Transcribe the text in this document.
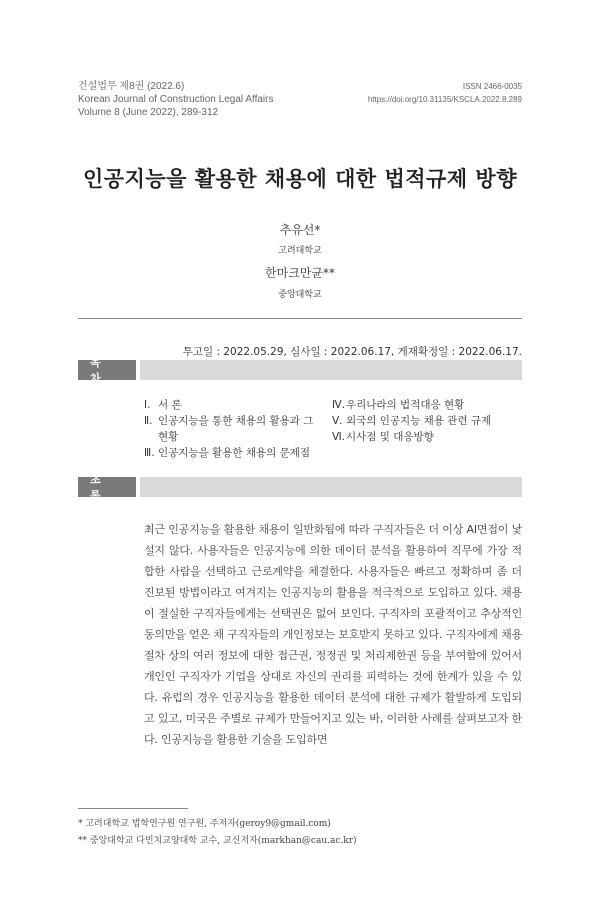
건설법무 제8권 (2022.6)
Korean Journal of Construction Legal Affairs
Volume 8 (June 2022), 289-312
ISSN 2466-0035
https://doi.org/10.31135/KSCLA.2022.8.289
인공지능을 활용한 채용에 대한 법적규제 방향
추유선*
고려대학교
한마크만균**
중앙대학교
투고일 : 2022.05.29, 심사일 : 2022.06.17, 게재확정일 : 2022.06.17.
목 차
Ⅰ. 서 론
Ⅱ. 인공지능을 통한 채용의 활용과 그 현황
Ⅲ. 인공지능을 활용한 채용의 문제점
Ⅳ. 우리나라의 법적대응 현황
Ⅴ. 외국의 인공지능 채용 관련 규제
Ⅵ. 시사점 및 대응방향
초 록
최근 인공지능을 활용한 채용이 일반화됨에 따라 구직자들은 더 이상 AI면접이 낯설지 않다. 사용자들은 인공지능에 의한 데이터 분석을 활용하여 직무에 가장 적합한 사람을 선택하고 근로계약을 체결한다. 사용자들은 빠르고 정확하며 좀 더 진보된 방법이라고 여겨지는 인공지능의 활용을 적극적으로 도입하고 있다. 채용이 절실한 구직자들에게는 선택권은 없어 보인다. 구직자의 포괄적이고 추상적인 동의만을 얻은 채 구직자들의 개인정보는 보호받지 못하고 있다. 구직자에게 채용 절차 상의 여러 정보에 대한 접근권, 정정권 및 처리제한권 등을 부여함에 있어서 개인인 구직자가 기업을 상대로 자신의 권리를 피력하는 것에 한계가 있을 수 있다. 유럽의 경우 인공지능을 활용한 데이터 분석에 대한 규제가 활발하게 도입되고 있고, 미국은 주별로 규제가 만들어지고 있는 바, 이러한 사례를 살펴보고자 한다. 인공지능을 활용한 기술을 도입하면
* 고려대학교 법학연구원 연구원, 주저자(geroy9@gmail.com)
** 중앙대학교 다빈치교양대학 교수, 교신저자(markhan@cau.ac.kr)
